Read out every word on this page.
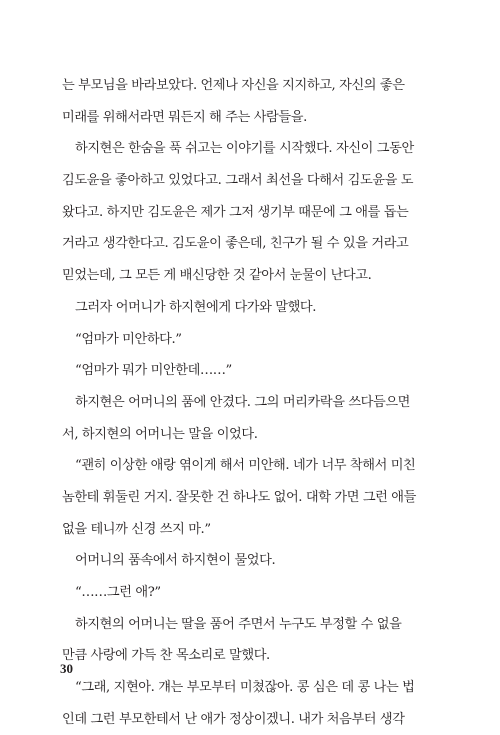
는 부모님을 바라보았다. 언제나 자신을 지지하고, 자신의 좋은
미래를 위해서라면 뭐든지 해 주는 사람들을.
하지현은 한숨을 푹 쉬고는 이야기를 시작했다. 자신이 그동안
김도윤을 좋아하고 있었다고. 그래서 최선을 다해서 김도윤을 도
왔다고. 하지만 김도윤은 제가 그저 생기부 때문에 그 애를 돕는
거라고 생각한다고. 김도윤이 좋은데, 친구가 될 수 있을 거라고
믿었는데, 그 모든 게 배신당한 것 같아서 눈물이 난다고.
그러자 어머니가 하지현에게 다가와 말했다.
“엄마가 미안하다.”
“엄마가 뭐가 미안한데……”
하지현은 어머니의 품에 안겼다. 그의 머리카락을 쓰다듬으면
서, 하지현의 어머니는 말을 이었다.
“괜히 이상한 애랑 엮이게 해서 미안해. 네가 너무 착해서 미친
놈한테 휘둘린 거지. 잘못한 건 하나도 없어. 대학 가면 그런 애들
없을 테니까 신경 쓰지 마.”
어머니의 품속에서 하지현이 물었다.
“……그런 애?”
하지현의 어머니는 딸을 품어 주면서 누구도 부정할 수 없을
만큼 사랑에 가득 찬 목소리로 말했다.
“그래, 지현아. 걔는 부모부터 미쳤잖아. 콩 심은 데 콩 나는 법
인데 그런 부모한테서 난 애가 정상이겠니. 내가 처음부터 생각
30
